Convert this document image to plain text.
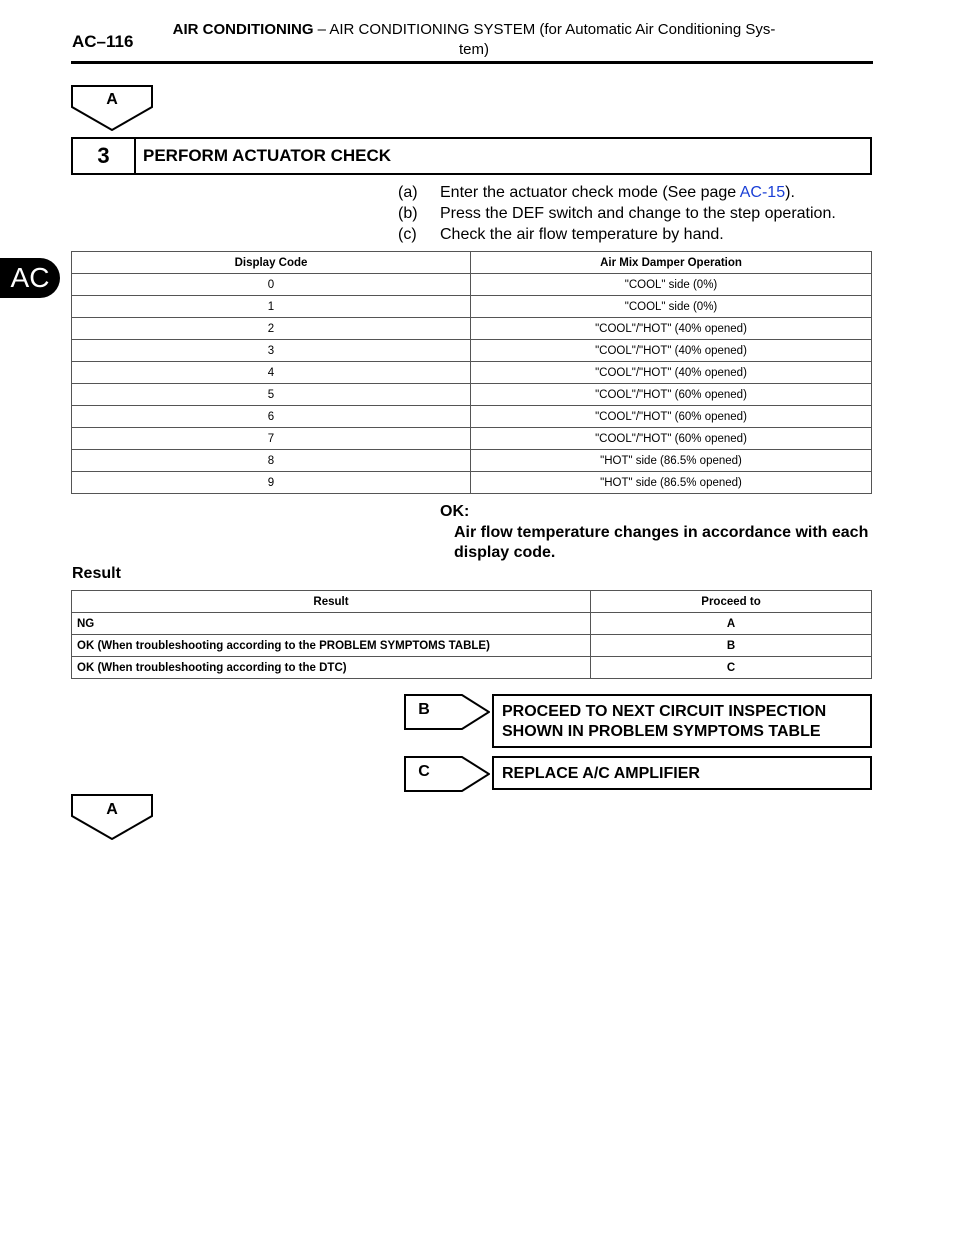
AC–116
AIR CONDITIONING – AIR CONDITIONING SYSTEM (for Automatic Air Conditioning Sys-
tem)
AC
A
3	PERFORM ACTUATOR CHECK
(a) Enter the actuator check mode (See page AC-15).
(b) Press the DEF switch and change to the step operation.
(c) Check the air flow temperature by hand.
Display Code	Air Mix Damper Operation
0	"COOL" side (0%)
1	"COOL" side (0%)
2	"COOL"/"HOT" (40% opened)
3	"COOL"/"HOT" (40% opened)
4	"COOL"/"HOT" (40% opened)
5	"COOL"/"HOT" (60% opened)
6	"COOL"/"HOT" (60% opened)
7	"COOL"/"HOT" (60% opened)
8	"HOT" side (86.5% opened)
9	"HOT" side (86.5% opened)
OK:
Air flow temperature changes in accordance with each display code.
Result
Result	Proceed to
NG	A
OK (When troubleshooting according to the PROBLEM SYMPTOMS TABLE)	B
OK (When troubleshooting according to the DTC)	C
B	PROCEED TO NEXT CIRCUIT INSPECTION SHOWN IN PROBLEM SYMPTOMS TABLE
C	REPLACE A/C AMPLIFIER
A
